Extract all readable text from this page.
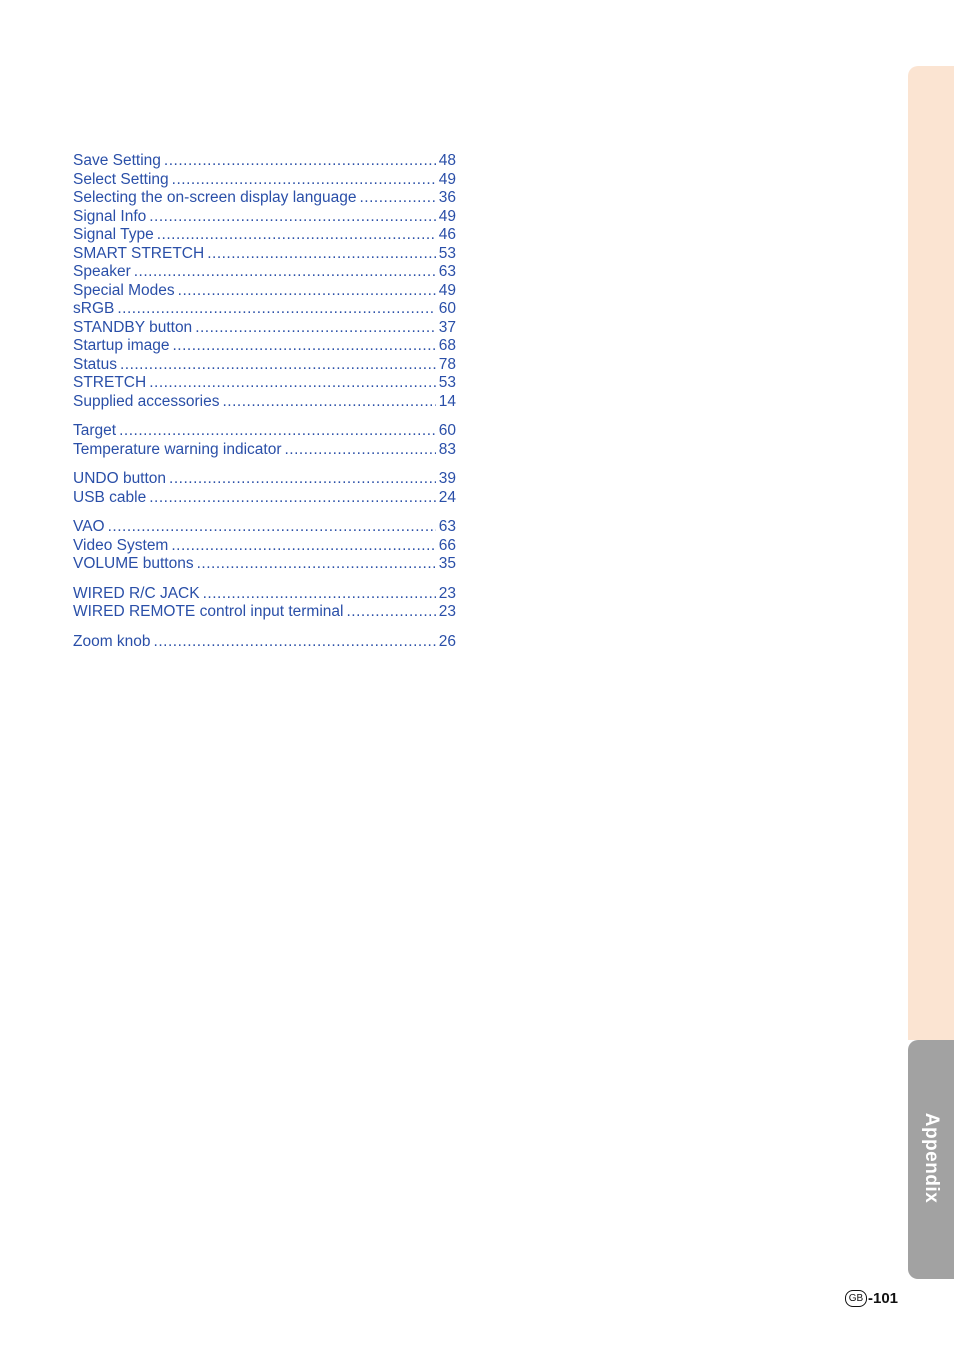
Save Setting .....	48
Select Setting .....	49
Selecting the on-screen display language .....	36
Signal Info .....	49
Signal Type .....	46
SMART STRETCH .....	53
Speaker .....	63
Special Modes .....	49
sRGB .....	60
STANDBY button .....	37
Startup image .....	68
Status .....	78
STRETCH .....	53
Supplied accessories .....	14
Target .....	60
Temperature warning indicator .....	83
UNDO button .....	39
USB cable .....	24
VAO .....	63
Video System .....	66
VOLUME buttons .....	35
WIRED R/C JACK .....	23
WIRED REMOTE control input terminal .....	23
Zoom knob .....	26
Appendix
GB -101
